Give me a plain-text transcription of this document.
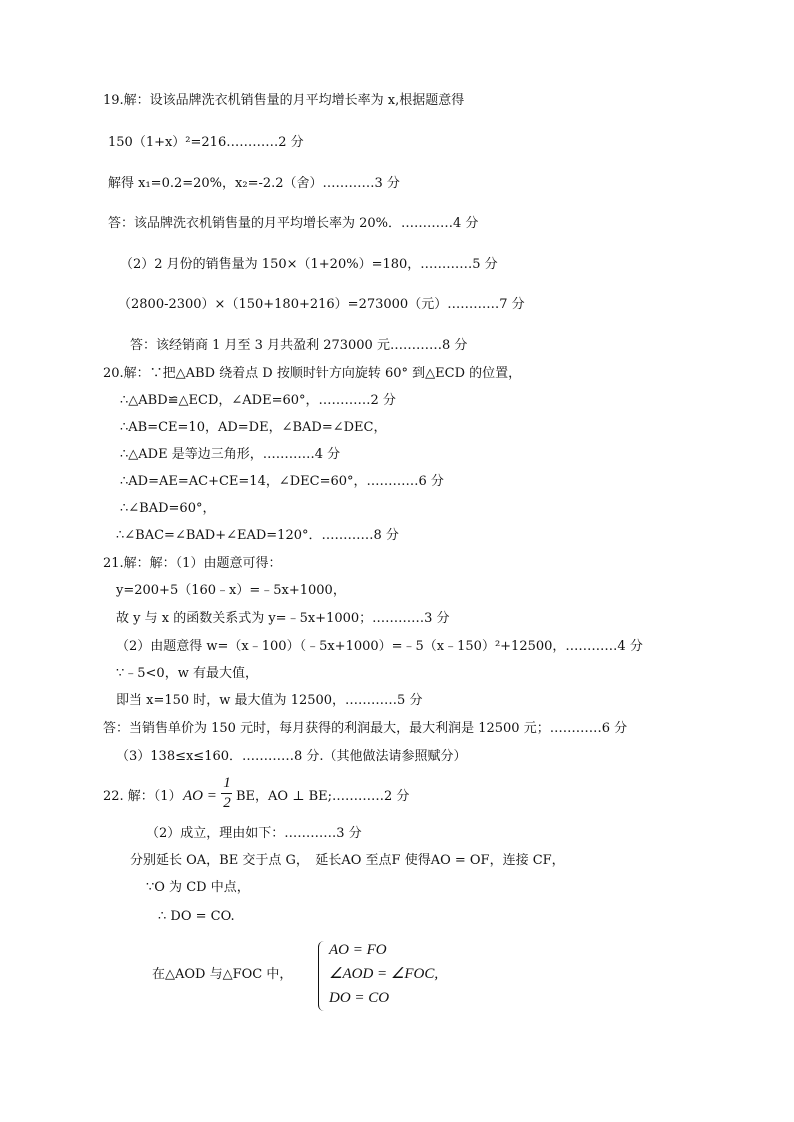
19.解：设该品牌洗衣机销售量的月平均增长率为 x,根据题意得
150（1+x）²=216…………2 分
解得 x₁=0.2=20%，x₂=-2.2（舍）…………3 分
答：该品牌洗衣机销售量的月平均增长率为 20%．…………4 分
（2）2 月份的销售量为 150×（1+20%）=180，…………5 分
（2800-2300）×（150+180+216）=273000（元）…………7 分
答：该经销商 1 月至 3 月共盈利 273000 元…………8 分
20.解：∵把△ABD 绕着点 D 按顺时针方向旋转 60° 到△ECD 的位置，
∴△ABD≌△ECD，∠ADE=60°，…………2 分
∴AB=CE=10，AD=DE，∠BAD=∠DEC，
∴△ADE 是等边三角形，…………4 分
∴AD=AE=AC+CE=14，∠DEC=60°，…………6 分
∴∠BAD=60°，
∴∠BAC=∠BAD+∠EAD=120°．…………8 分
21.解：解：（1）由题意可得：
y=200+5（160﹣x）=﹣5x+1000，
故 y 与 x 的函数关系式为 y=﹣5x+1000；…………3 分
（2）由题意得 w=（x﹣100）（﹣5x+1000）=﹣5（x﹣150）²+12500，…………4 分
∵﹣5<0，w 有最大值，
即当 x=150 时，w 最大值为 12500，…………5 分
答：当销售单价为 150 元时，每月获得的利润最大，最大利润是 12500 元；…………6 分
（3）138≤x≤160．…………8 分.（其他做法请参照赋分）
22. 解：（1） AO =
1
2 BE，AO ⊥ BE;…………2 分
（2）成立，理由如下：…………3 分
分别延长 OA，BE 交于点 G，　延长AO 至点F 使得AO = OF，连接 CF，
∵O 为 CD 中点，
∴ DO = CO.
在△AOD 与△FOC 中，
AO = FO
∠AOD = ∠FOC,
DO = CO
